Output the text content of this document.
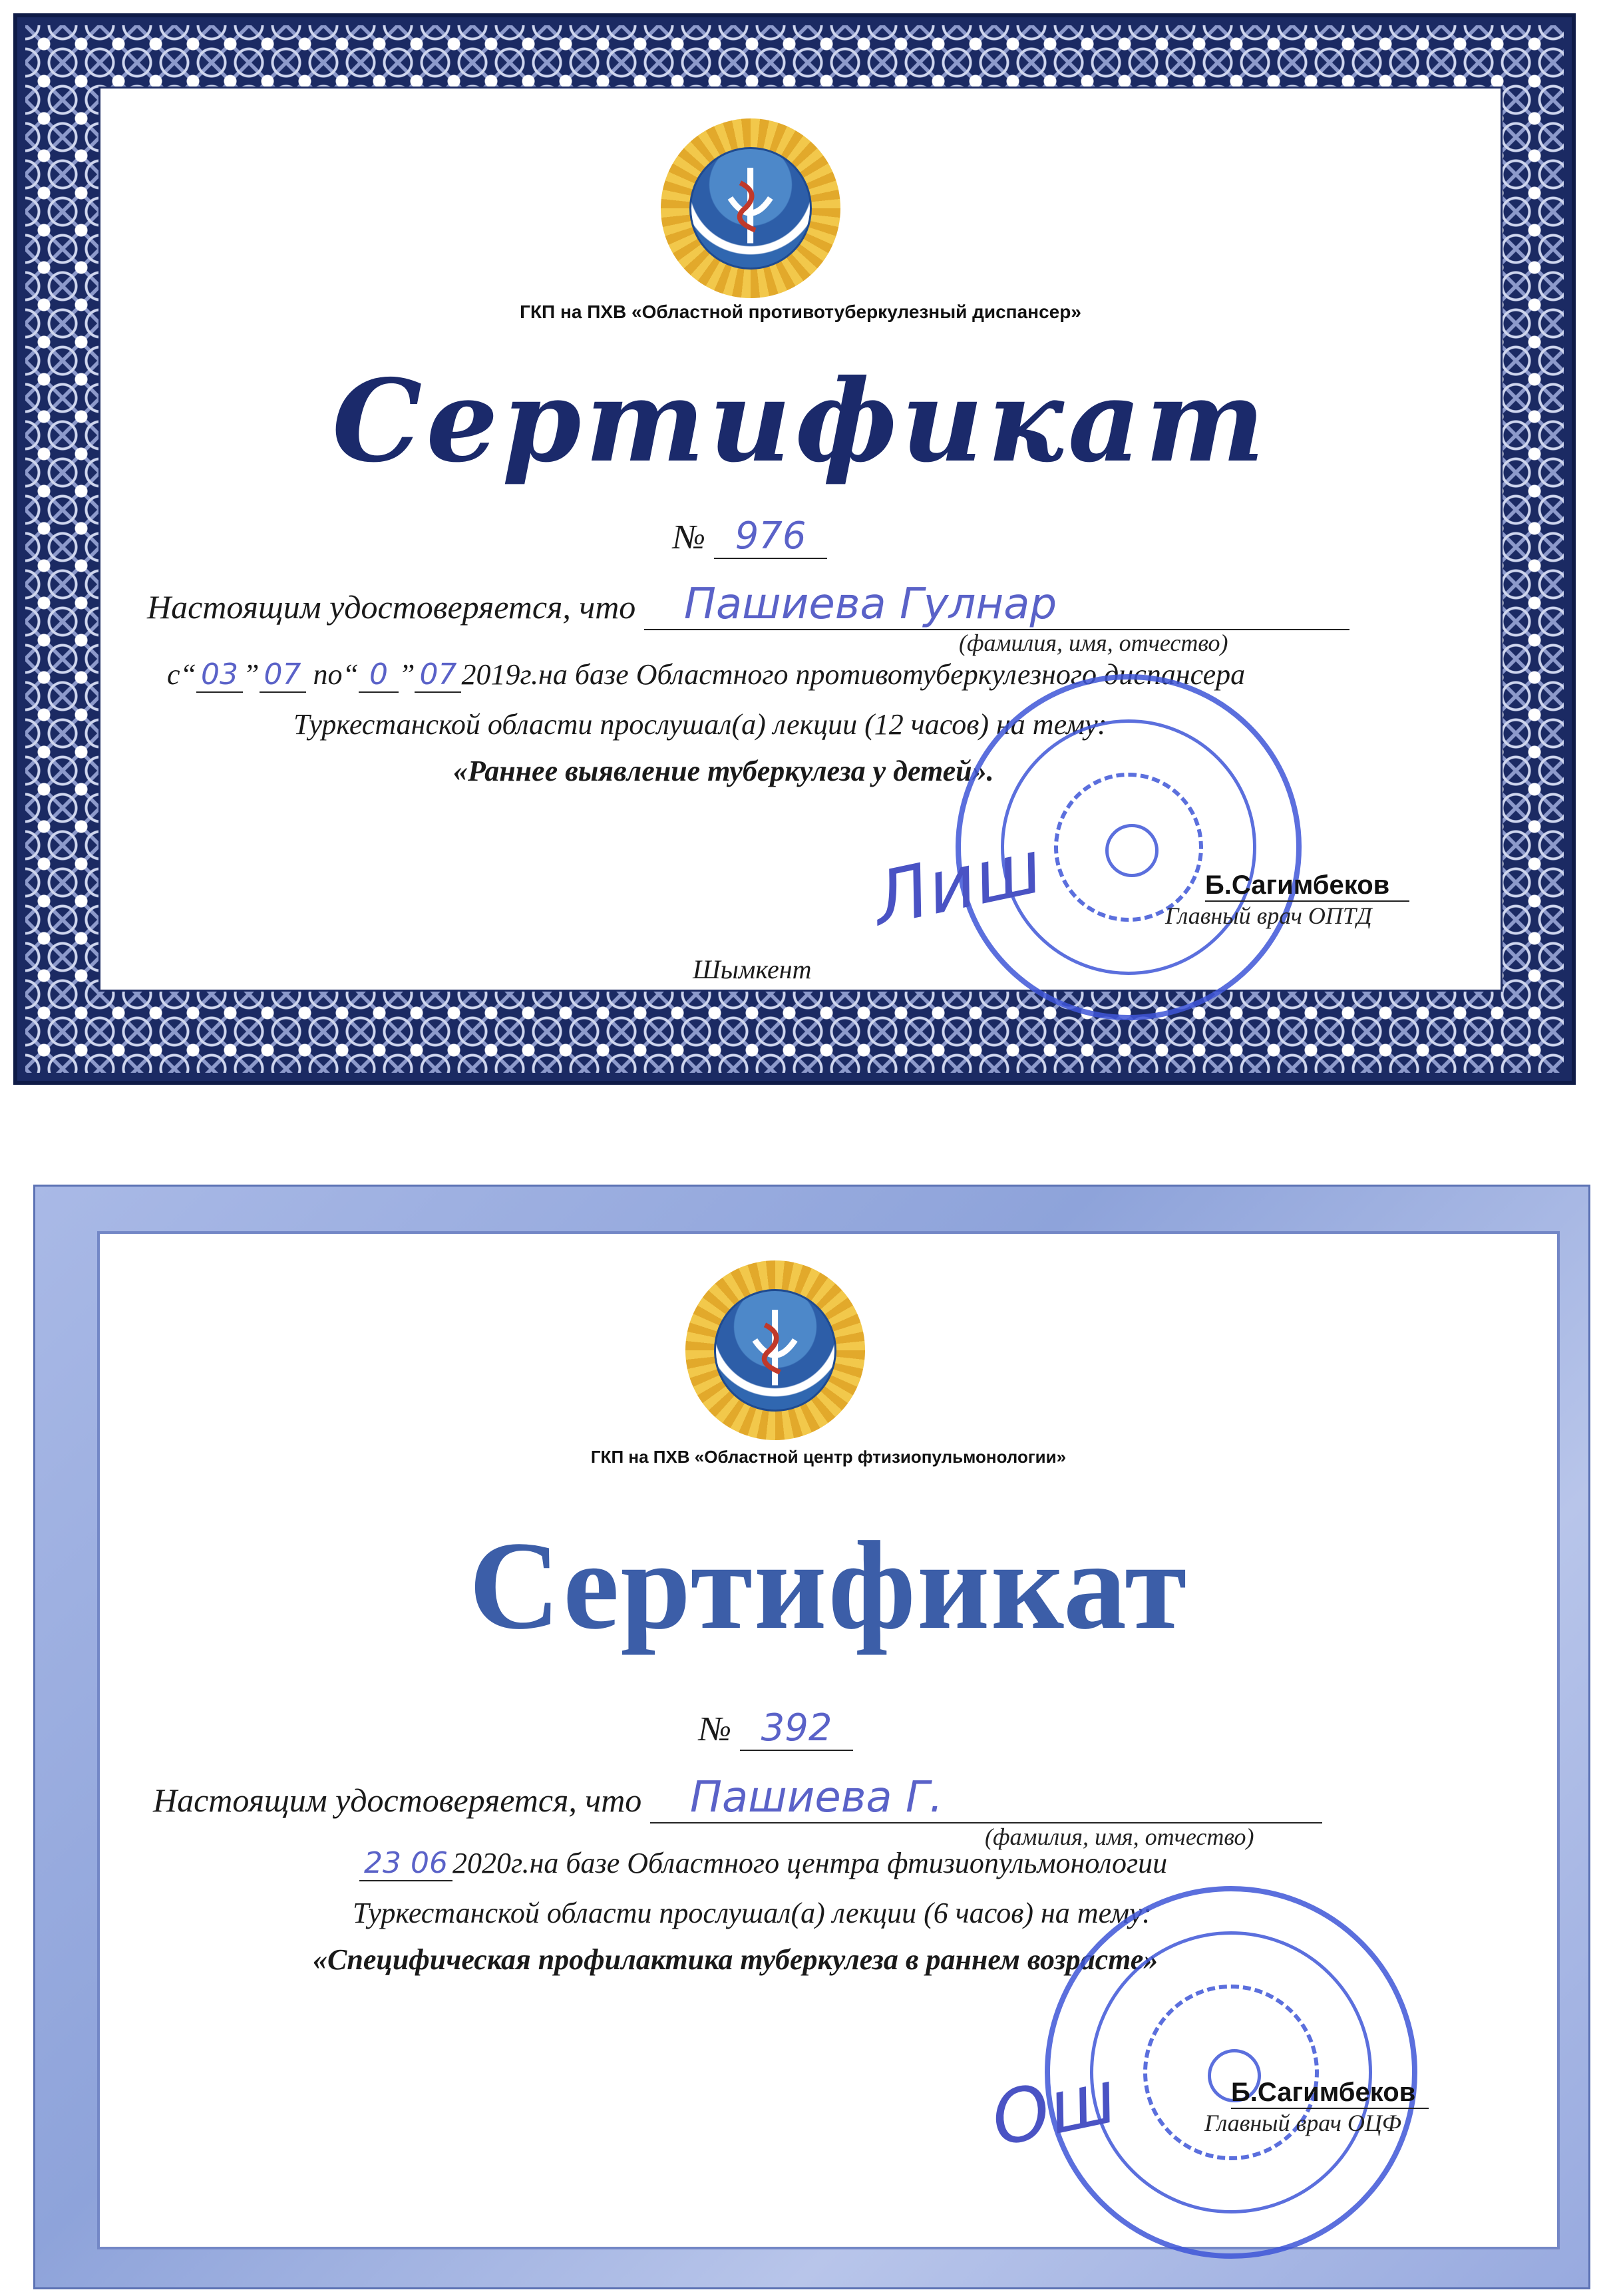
ГКП на ПХВ «Областной противотуберкулезный диспансер»
Сертификат
№ 976
Настоящим удостоверяется, что Пашиева Гулнар
(фамилия, имя, отчество)
с“ 03 ” 07 по“ 0 ” 07 2019г.на базе Областного противотуберкулезного диспансера
Туркестанской области прослушал(а) лекции (12 часов) на тему:
«Раннее выявление туберкулеза у детей».
Лиш	Б.Сагимбеков
Главный врач ОПТД
Шымкент
ГКП на ПХВ «Областной центр фтизиопульмонологии»
Сертификат
№ 392
Настоящим удостоверяется, что Пашиева Г.
(фамилия, имя, отчество)
23 06 2020г.на базе Областного центра фтизиопульмонологии
Туркестанской области прослушал(а) лекции (6 часов) на тему:
«Специфическая профилактика туберкулеза в раннем возрасте»
Ош	Б.Сагимбеков
Главный врач ОЦФ
